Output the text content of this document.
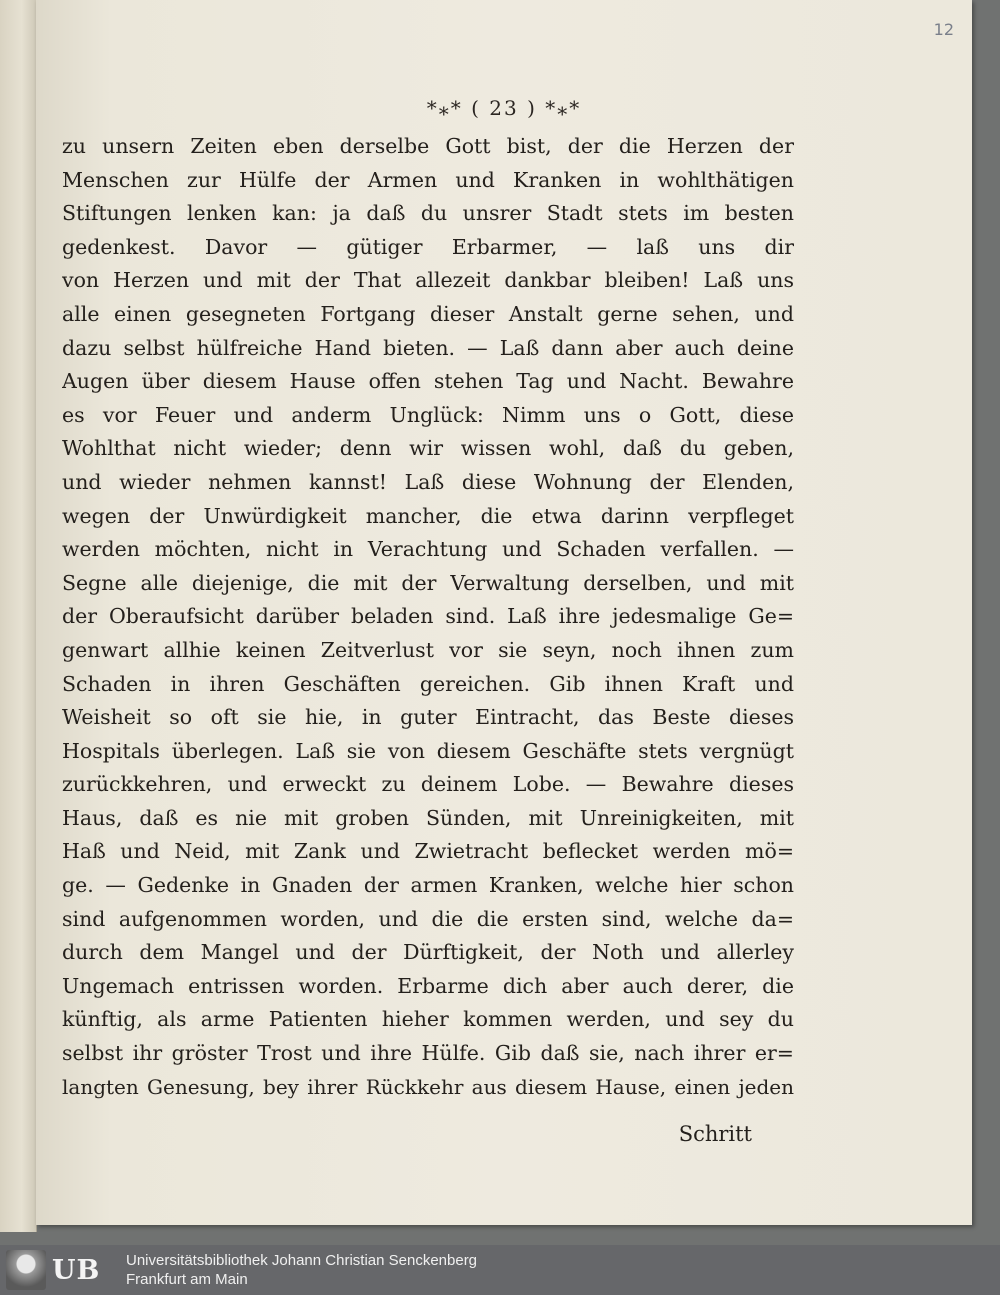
12
*⁎* ( 23 ) *⁎*
zu unsern Zeiten eben derselbe Gott bist, der die Herzen der
Menschen zur Hülfe der Armen und Kranken in wohlthätigen
Stiftungen lenken kan: ja daß du unsrer Stadt stets im besten
gedenkest. Davor — gütiger Erbarmer, — laß uns dir
von Herzen und mit der That allezeit dankbar bleiben! Laß uns
alle einen gesegneten Fortgang dieser Anstalt gerne sehen, und
dazu selbst hülfreiche Hand bieten. — Laß dann aber auch deine
Augen über diesem Hause offen stehen Tag und Nacht. Bewahre
es vor Feuer und anderm Unglück: Nimm uns o Gott, diese
Wohlthat nicht wieder; denn wir wissen wohl, daß du geben,
und wieder nehmen kannst! Laß diese Wohnung der Elenden,
wegen der Unwürdigkeit mancher, die etwa darinn verpfleget
werden möchten, nicht in Verachtung und Schaden verfallen. —
Segne alle diejenige, die mit der Verwaltung derselben, und mit
der Oberaufsicht darüber beladen sind. Laß ihre jedesmalige Ge=
genwart allhie keinen Zeitverlust vor sie seyn, noch ihnen zum
Schaden in ihren Geschäften gereichen. Gib ihnen Kraft und
Weisheit so oft sie hie, in guter Eintracht, das Beste dieses
Hospitals überlegen. Laß sie von diesem Geschäfte stets vergnügt
zurückkehren, und erweckt zu deinem Lobe. — Bewahre dieses
Haus, daß es nie mit groben Sünden, mit Unreinigkeiten, mit
Haß und Neid, mit Zank und Zwietracht beflecket werden mö=
ge. — Gedenke in Gnaden der armen Kranken, welche hier schon
sind aufgenommen worden, und die die ersten sind, welche da=
durch dem Mangel und der Dürftigkeit, der Noth und allerley
Ungemach entrissen worden. Erbarme dich aber auch derer, die
künftig, als arme Patienten hieher kommen werden, und sey du
selbst ihr gröster Trost und ihre Hülfe. Gib daß sie, nach ihrer er=
langten Genesung, bey ihrer Rückkehr aus diesem Hause, einen jeden
Schritt
UB Universitätsbibliothek Johann Christian Senckenberg
Frankfurt am Main
